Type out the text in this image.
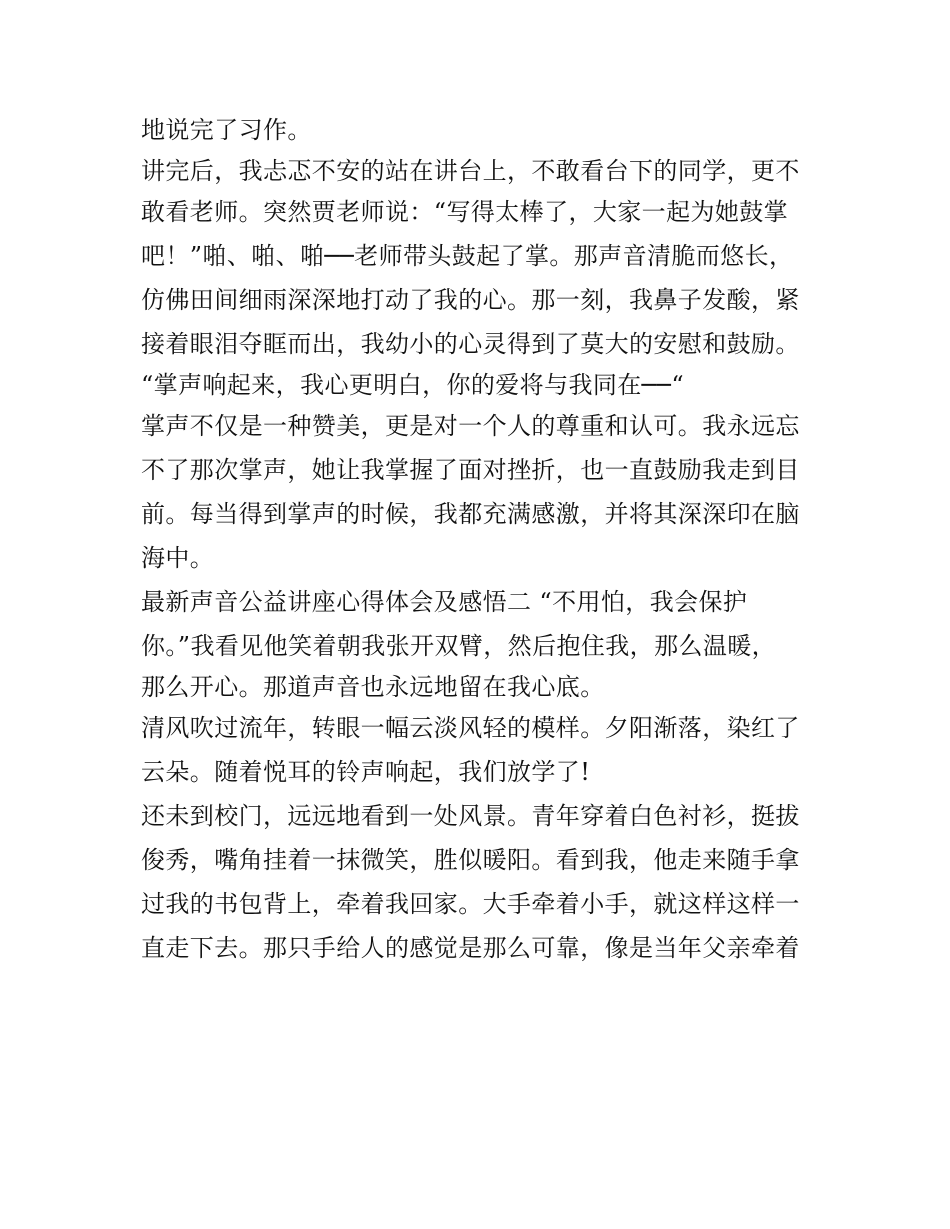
地说完了习作。
讲完后，我忐忑不安的站在讲台上，不敢看台下的同学，更不
敢看老师。突然贾老师说：“写得太棒了，大家一起为她鼓掌
吧！”啪、啪、啪──老师带头鼓起了掌。那声音清脆而悠长，
仿佛田间细雨深深地打动了我的心。那一刻，我鼻子发酸，紧
接着眼泪夺眶而出，我幼小的心灵得到了莫大的安慰和鼓励。
“掌声响起来，我心更明白，你的爱将与我同在──“
掌声不仅是一种赞美，更是对一个人的尊重和认可。我永远忘
不了那次掌声，她让我掌握了面对挫折，也一直鼓励我走到目
前。每当得到掌声的时候，我都充满感激，并将其深深印在脑
海中。
最新声音公益讲座心得体会及感悟二 “不用怕，我会保护
你。”我看见他笑着朝我张开双臂，然后抱住我，那么温暖，
那么开心。那道声音也永远地留在我心底。
清风吹过流年，转眼一幅云淡风轻的模样。夕阳渐落，染红了
云朵。随着悦耳的铃声响起，我们放学了!
还未到校门，远远地看到一处风景。青年穿着白色衬衫，挺拔
俊秀，嘴角挂着一抹微笑，胜似暖阳。看到我，他走来随手拿
过我的书包背上，牵着我回家。大手牵着小手，就这样这样一
直走下去。那只手给人的感觉是那么可靠，像是当年父亲牵着
